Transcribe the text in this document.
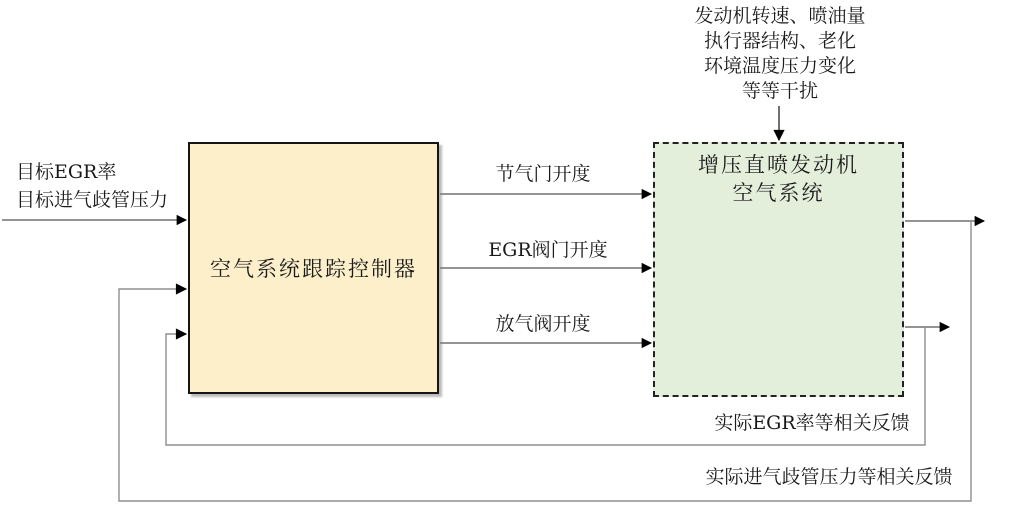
发动机转速、喷油量
执行器结构、老化
环境温度压力变化
等等干扰
目标EGR率
目标进气歧管压力
空气系统跟踪控制器
增压直喷发动机
空气系统
节气门开度
EGR阀门开度
放气阀开度
实际EGR率等相关反馈
实际进气歧管压力等相关反馈
